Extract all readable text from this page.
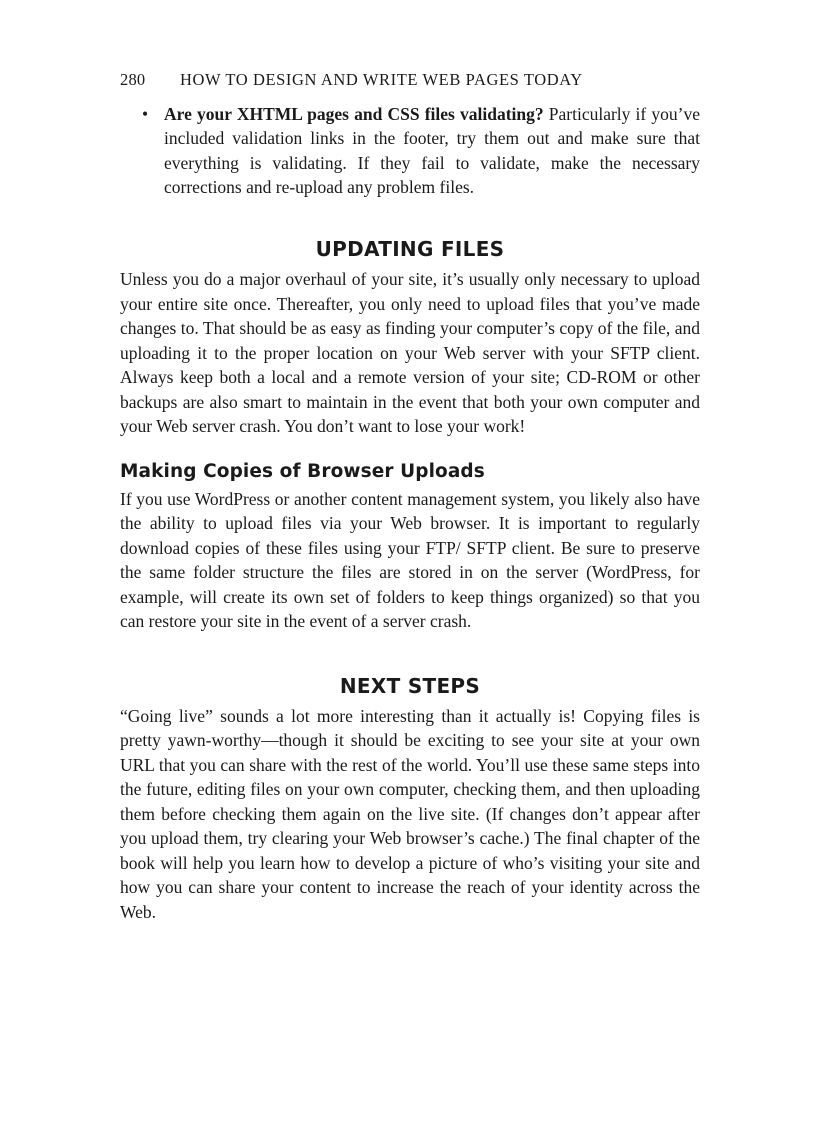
280 HOW TO DESIGN AND WRITE WEB PAGES TODAY
• Are your XHTML pages and CSS files validating? Particularly if you’ve included validation links in the footer, try them out and make sure that everything is validating. If they fail to validate, make the necessary corrections and re-upload any problem files.
UPDATING FILES

Unless you do a major overhaul of your site, it’s usually only necessary to upload your entire site once. Thereafter, you only need to upload files that you’ve made changes to. That should be as easy as finding your computer’s copy of the file, and uploading it to the proper location on your Web server with your SFTP client. Always keep both a local and a remote version of your site; CD-ROM or other backups are also smart to maintain in the event that both your own computer and your Web server crash. You don’t want to lose your work!

Making Copies of Browser Uploads

If you use WordPress or another content management system, you likely also have the ability to upload files via your Web browser. It is important to regularly download copies of these files using your FTP/ SFTP client. Be sure to preserve the same folder structure the files are stored in on the server (WordPress, for example, will create its own set of folders to keep things organized) so that you can restore your site in the event of a server crash.

NEXT STEPS

“Going live” sounds a lot more interesting than it actually is! Copying files is pretty yawn-worthy—though it should be exciting to see your site at your own URL that you can share with the rest of the world. You’ll use these same steps into the future, editing files on your own computer, checking them, and then uploading them before checking them again on the live site. (If changes don’t appear after you upload them, try clearing your Web browser’s cache.) The final chapter of the book will help you learn how to develop a picture of who’s visiting your site and how you can share your content to increase the reach of your identity across the Web.
